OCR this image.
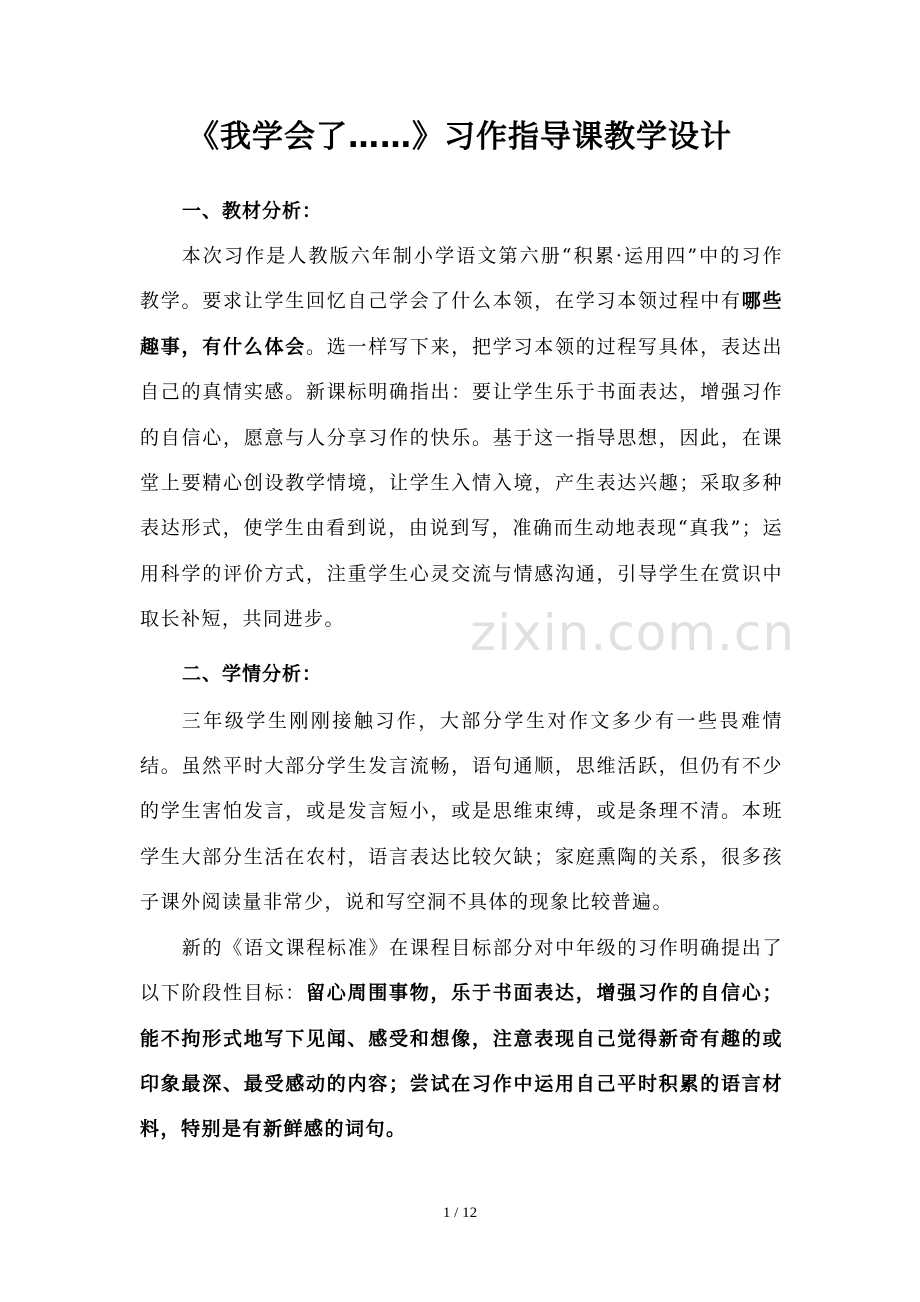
《我学会了……》习作指导课教学设计
一、教材分析：

本次习作是人教版六年制小学语文第六册“积累·运用四”中的习作教学。要求让学生回忆自己学会了什么本领，在学习本领过程中有哪些趣事，有什么体会。选一样写下来，把学习本领的过程写具体，表达出自己的真情实感。新课标明确指出：要让学生乐于书面表达，增强习作的自信心，愿意与人分享习作的快乐。基于这一指导思想，因此，在课堂上要精心创设教学情境，让学生入情入境，产生表达兴趣；采取多种表达形式，使学生由看到说，由说到写，准确而生动地表现“真我”；运用科学的评价方式，注重学生心灵交流与情感沟通，引导学生在赏识中取长补短，共同进步。

二、学情分析：

三年级学生刚刚接触习作，大部分学生对作文多少有一些畏难情结。虽然平时大部分学生发言流畅，语句通顺，思维活跃，但仍有不少的学生害怕发言，或是发言短小，或是思维束缚，或是条理不清。本班学生大部分生活在农村，语言表达比较欠缺；家庭熏陶的关系，很多孩子课外阅读量非常少，说和写空洞不具体的现象比较普遍。

新的《语文课程标准》在课程目标部分对中年级的习作明确提出了以下阶段性目标：留心周围事物，乐于书面表达，增强习作的自信心；能不拘形式地写下见闻、感受和想像，注意表现自己觉得新奇有趣的或印象最深、最受感动的内容；尝试在习作中运用自己平时积累的语言材料，特别是有新鲜感的词句。

zixin.com.cn
1 / 12
